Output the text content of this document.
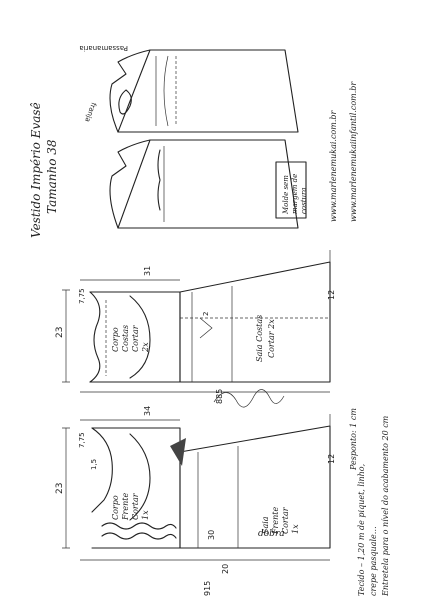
Passamanaria
franja
Vestido Império Evasê Tamanho 38	www.marlenemukai.com.br www.marlenemukaiinfantil.com.br
Molde sem margem de costura
Corpo Costas Cortar 2x	Saia Costas Cortar 2x
23
31
885
12
2
7,75
Corpo Frente Cortar 1x
Saia Frente Cortar 1x
dobra
23
34
30
20
915
12
1,5
7,75	Pesponto: 1 cm
Tecido – 1,20 m de piquet, linho, crepe pasquale… Entretela para o nível do acabamento 20 cm
